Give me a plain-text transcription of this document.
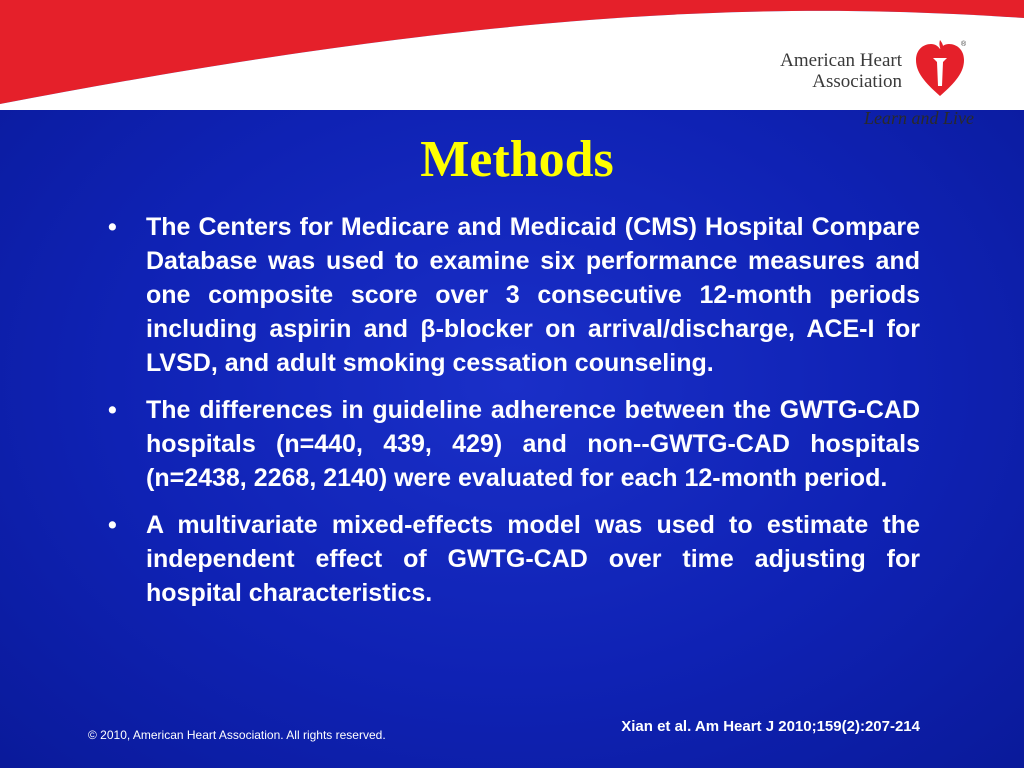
American Heart
Association
®
Learn and Live
Methods
•	The Centers for Medicare and Medicaid (CMS) Hospital Compare Database was used to examine six performance measures and one composite score over 3 consecutive 12-month periods including aspirin and β-blocker on arrival/discharge, ACE-I for LVSD, and adult smoking cessation counseling.
•	The differences in guideline adherence between the GWTG-CAD hospitals (n=440, 439, 429) and non--GWTG-CAD hospitals (n=2438, 2268, 2140) were evaluated for each 12-month period.
•	A multivariate mixed-effects model was used to estimate the independent effect of GWTG-CAD over time adjusting for hospital characteristics.
Xian et al. Am Heart J 2010;159(2):207-214
© 2010, American Heart Association. All rights reserved.
